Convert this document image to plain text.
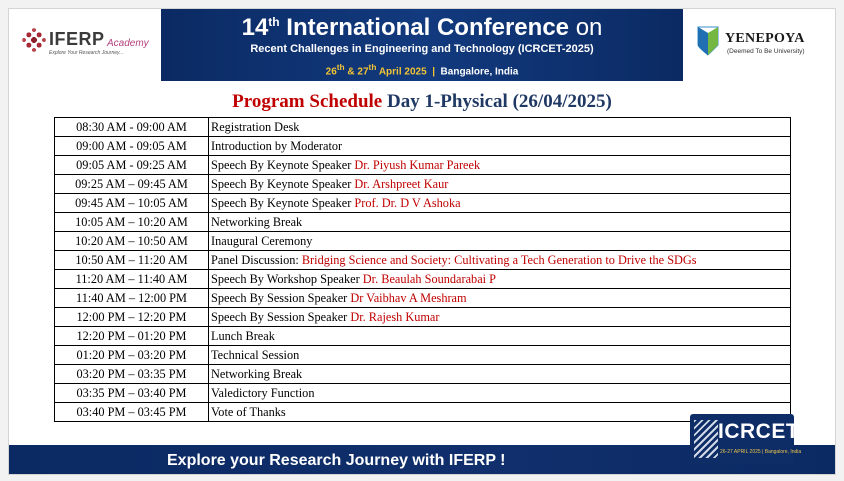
IFERP Academy
Explore Your Research Journey...
14th International Conference on
Recent Challenges in Engineering and Technology (ICRCET-2025)
26th & 27th April 2025  |  Bangalore, India
YENEPOYA
(Deemed To Be University)
Program Schedule Day 1-Physical (26/04/2025)
08:30 AM - 09:00 AM	Registration Desk
09:00 AM - 09:05 AM	Introduction by Moderator
09:05 AM - 09:25 AM	Speech By Keynote Speaker Dr. Piyush Kumar Pareek
09:25 AM – 09:45 AM	Speech By Keynote Speaker Dr. Arshpreet Kaur
09:45 AM – 10:05 AM	Speech By Keynote Speaker Prof. Dr. D V Ashoka
10:05 AM – 10:20 AM	Networking Break
10:20 AM – 10:50 AM	Inaugural Ceremony
10:50 AM – 11:20 AM	Panel Discussion: Bridging Science and Society: Cultivating a Tech Generation to Drive the SDGs
11:20 AM – 11:40 AM	Speech By Workshop Speaker Dr. Beaulah Soundarabai P
11:40 AM – 12:00 PM	Speech By Session Speaker Dr Vaibhav A Meshram
12:00 PM – 12:20 PM	Speech By Session Speaker Dr. Rajesh Kumar
12:20 PM – 01:20 PM	Lunch Break
01:20 PM – 03:20 PM	Technical Session
03:20 PM – 03:35 PM	Networking Break
03:35 PM – 03:40 PM	Valedictory Function
03:40 PM – 03:45 PM	Vote of Thanks
Explore your Research Journey with IFERP !
ICRCET
26-27 APRIL 2025 | Bangalore, India
